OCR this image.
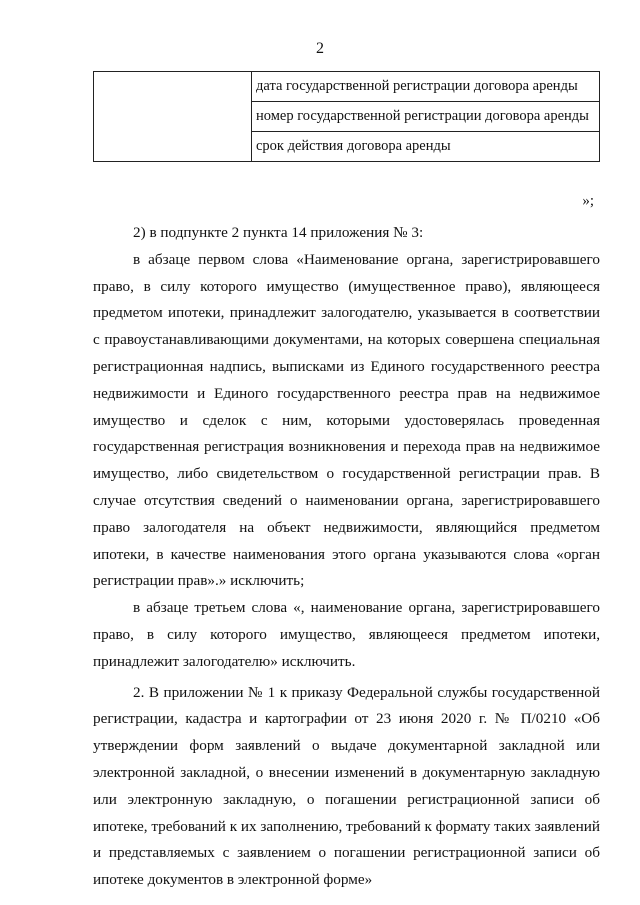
2
	дата государственной регистрации договора аренды
номер государственной регистрации договора аренды
срок действия договора аренды
»;

2) в подпункте 2 пункта 14 приложения № 3:

в абзаце первом слова «Наименование органа, зарегистрировавшего право, в силу которого имущество (имущественное право), являющееся предметом ипотеки, принадлежит залогодателю, указывается в соответствии с правоустанавливающими документами, на которых совершена специальная регистрационная надпись, выписками из Единого государственного реестра недвижимости и Единого государственного реестра прав на недвижимое имущество и сделок с ним, которыми удостоверялась проведенная государственная регистрация возникновения и перехода прав на недвижимое имущество, либо свидетельством о государственной регистрации прав. В случае отсутствия сведений о наименовании органа, зарегистрировавшего право залогодателя на объект недвижимости, являющийся предметом ипотеки, в качестве наименования этого органа указываются слова «орган регистрации прав».» исключить;

в абзаце третьем слова «, наименование органа, зарегистрировавшего право, в силу которого имущество, являющееся предметом ипотеки, принадлежит залогодателю» исключить.

2. В приложении № 1 к приказу Федеральной службы государственной регистрации, кадастра и картографии от 23 июня 2020 г. № П/0210 «Об утверждении форм заявлений о выдаче документарной закладной или электронной закладной, о внесении изменений в документарную закладную или электронную закладную, о погашении регистрационной записи об ипотеке, требований к их заполнению, требований к формату таких заявлений и представляемых с заявлением о погашении регистрационной записи об ипотеке документов в электронной форме»
